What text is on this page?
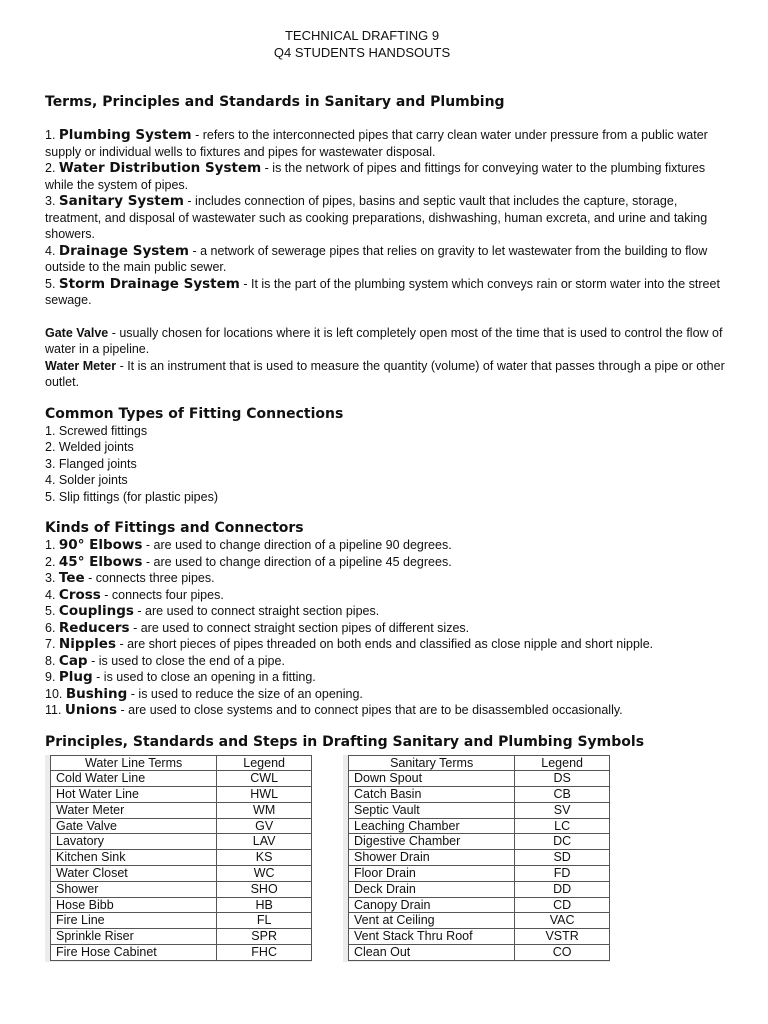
TECHNICAL DRAFTING 9
Q4 STUDENTS HANDSOUTS
Terms, Principles and Standards in Sanitary and Plumbing
1. Plumbing System - refers to the interconnected pipes that carry clean water under pressure from a public water supply or individual wells to fixtures and pipes for wastewater disposal.
2. Water Distribution System - is the network of pipes and fittings for conveying water to the plumbing fixtures while the system of pipes.
3. Sanitary System - includes connection of pipes, basins and septic vault that includes the capture, storage, treatment, and disposal of wastewater such as cooking preparations, dishwashing, human excreta, and urine and taking showers.
4. Drainage System - a network of sewerage pipes that relies on gravity to let wastewater from the building to flow outside to the main public sewer.
5. Storm Drainage System - It is the part of the plumbing system which conveys rain or storm water into the street sewage.
Gate Valve - usually chosen for locations where it is left completely open most of the time that is used to control the flow of water in a pipeline.
Water Meter - It is an instrument that is used to measure the quantity (volume) of water that passes through a pipe or other outlet.
Common Types of Fitting Connections
1. Screwed fittings
2. Welded joints
3. Flanged joints
4. Solder joints
5. Slip fittings (for plastic pipes)
Kinds of Fittings and Connectors
1. 90° Elbows - are used to change direction of a pipeline 90 degrees.
2. 45° Elbows - are used to change direction of a pipeline 45 degrees.
3. Tee - connects three pipes.
4. Cross - connects four pipes.
5. Couplings - are used to connect straight section pipes.
6. Reducers - are used to connect straight section pipes of different sizes.
7. Nipples - are short pieces of pipes threaded on both ends and classified as close nipple and short nipple.
8. Cap - is used to close the end of a pipe.
9. Plug - is used to close an opening in a fitting.
10. Bushing - is used to reduce the size of an opening.
11. Unions - are used to close systems and to connect pipes that are to be disassembled occasionally.
Principles, Standards and Steps in Drafting Sanitary and Plumbing Symbols
Water Line Terms	Legend
Cold Water Line	CWL
Hot Water Line	HWL
Water Meter	WM
Gate Valve	GV
Lavatory	LAV
Kitchen Sink	KS
Water Closet	WC
Shower	SHO
Hose Bibb	HB
Fire Line	FL
Sprinkle Riser	SPR
Fire Hose Cabinet	FHC
Sanitary Terms	Legend
Down Spout	DS
Catch Basin	CB
Septic Vault	SV
Leaching Chamber	LC
Digestive Chamber	DC
Shower Drain	SD
Floor Drain	FD
Deck Drain	DD
Canopy Drain	CD
Vent at Ceiling	VAC
Vent Stack Thru Roof	VSTR
Clean Out	CO
